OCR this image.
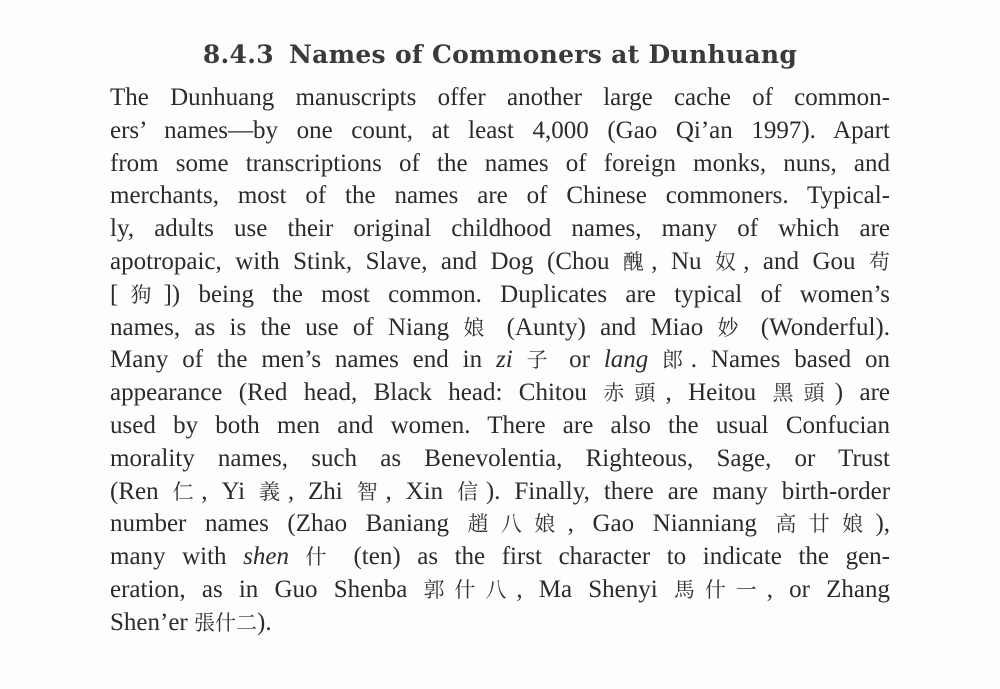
8.4.3 Names of Commoners at Dunhuang
The Dunhuang manuscripts offer another large cache of common-
ers’ names—by one count, at least 4,000 (Gao Qi’an 1997). Apart
from some transcriptions of the names of foreign monks, nuns, and
merchants, most of the names are of Chinese commoners. Typical-
ly, adults use their original childhood names, many of which are
apotropaic, with Stink, Slave, and Dog (Chou 醜, Nu 奴, and Gou 苟
[狗]) being the most common. Duplicates are typical of women’s
names, as is the use of Niang 娘 (Aunty) and Miao 妙 (Wonderful).
Many of the men’s names end in zi 子 or lang 郎. Names based on
appearance (Red head, Black head: Chitou 赤頭, Heitou 黑頭) are
used by both men and women. There are also the usual Confucian
morality names, such as Benevolentia, Righteous, Sage, or Trust
(Ren 仁, Yi 義, Zhi 智, Xin 信). Finally, there are many birth-order
number names (Zhao Baniang 趙八娘, Gao Nianniang 高廿娘),
many with shen 什 (ten) as the first character to indicate the gen-
eration, as in Guo Shenba 郭什八, Ma Shenyi 馬什一, or Zhang
Shen’er 張什二).
